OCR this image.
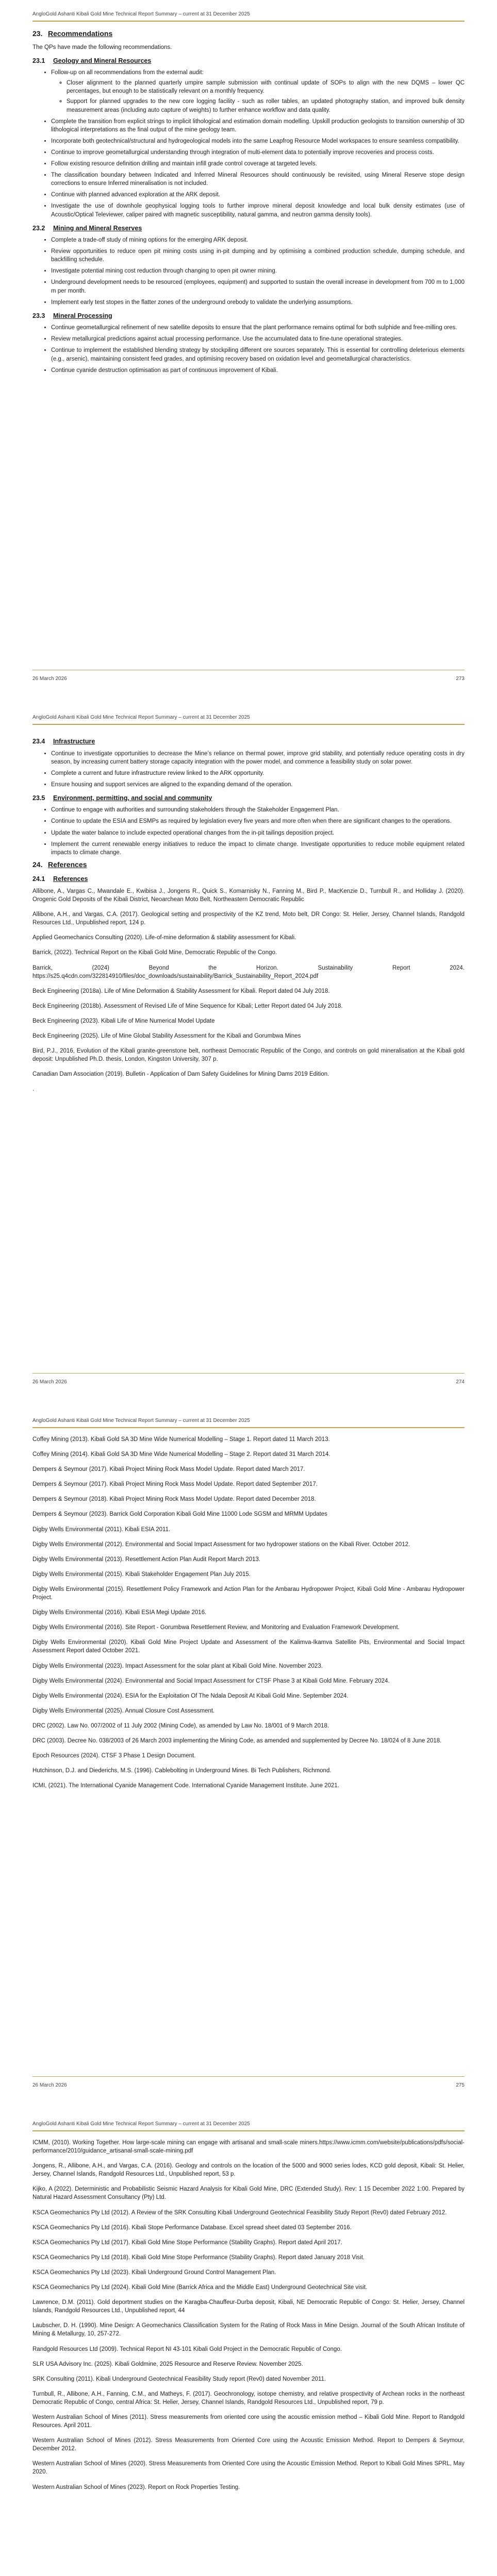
AngloGold Ashanti Kibali Gold Mine Technical Report Summary – current at 31 December 2025

23. Recommendations

The QPs have made the following recommendations.

23.1 Geology and Mineral Resources
• Follow-up on all recommendations from the external audit:
◦ Closer alignment to the planned quarterly umpire sample submission with continual update of SOPs to align with the new DQMS – lower QC percentages, but enough to be statistically relevant on a monthly frequency.
◦ Support for planned upgrades to the new core logging facility - such as roller tables, an updated photography station, and improved bulk density measurement areas (including auto capture of weights) to further enhance workflow and data quality.
• Complete the transition from explicit strings to implicit lithological and estimation domain modelling. Upskill production geologists to transition ownership of 3D lithological interpretations as the final output of the mine geology team.
• Incorporate both geotechnical/structural and hydrogeological models into the same Leapfrog Resource Model workspaces to ensure seamless compatibility.
• Continue to improve geometallurgical understanding through integration of multi-element data to potentially improve recoveries and process costs.
• Follow existing resource definition drilling and maintain infill grade control coverage at targeted levels.
• The classification boundary between Indicated and Inferred Mineral Resources should continuously be revisited, using Mineral Reserve stope design corrections to ensure Inferred mineralisation is not included.
• Continue with planned advanced exploration at the ARK deposit.
• Investigate the use of downhole geophysical logging tools to further improve mineral deposit knowledge and local bulk density estimates (use of Acoustic/Optical Televiewer, caliper paired with magnetic susceptibility, natural gamma, and neutron gamma density tools).
23.2 Mining and Mineral Reserves
• Complete a trade-off study of mining options for the emerging ARK deposit.
• Review opportunities to reduce open pit mining costs using in-pit dumping and by optimising a combined production schedule, dumping schedule, and backfilling schedule.
• Investigate potential mining cost reduction through changing to open pit owner mining.
• Underground development needs to be resourced (employees, equipment) and supported to sustain the overall increase in development from 700 m to 1,000 m per month.
• Implement early test stopes in the flatter zones of the underground orebody to validate the underlying assumptions.
23.3 Mineral Processing
• Continue geometallurgical refinement of new satellite deposits to ensure that the plant performance remains optimal for both sulphide and free-milling ores.
• Review metallurgical predictions against actual processing performance. Use the accumulated data to fine-tune operational strategies.
• Continue to implement the established blending strategy by stockpiling different ore sources separately. This is essential for controlling deleterious elements (e.g., arsenic), maintaining consistent feed grades, and optimising recovery based on oxidation level and geometallurgical characteristics.
• Continue cyanide destruction optimisation as part of continuous improvement of Kibali.
26 March 2026	273

AngloGold Ashanti Kibali Gold Mine Technical Report Summary – current at 31 December 2025

23.4 Infrastructure
• Continue to investigate opportunities to decrease the Mine’s reliance on thermal power, improve grid stability, and potentially reduce operating costs in dry season, by increasing current battery storage capacity integration with the power model, and commence a feasibility study on solar power.
• Complete a current and future infrastructure review linked to the ARK opportunity.
• Ensure housing and support services are aligned to the expanding demand of the operation.
23.5 Environment, permitting, and social and community
• Continue to engage with authorities and surrounding stakeholders through the Stakeholder Engagement Plan.
• Continue to update the ESIA and ESMPs as required by legislation every five years and more often when there are significant changes to the operations.
• Update the water balance to include expected operational changes from the in-pit tailings deposition project.
• Implement the current renewable energy initiatives to reduce the impact to climate change. Investigate opportunities to reduce mobile equipment related impacts to climate change.
24. References
24.1 References

Allibone, A., Vargas C., Mwandale E., Kwibisa J., Jongens R., Quick S., Komarnisky N., Fanning M., Bird P., MacKenzie D., Turnbull R., and Holliday J. (2020). Orogenic Gold Deposits of the Kibali District, Neoarchean Moto Belt, Northeastern Democratic Republic

Allibone, A.H., and Vargas, C.A. (2017). Geological setting and prospectivity of the KZ trend, Moto belt, DR Congo: St. Helier, Jersey, Channel Islands, Randgold Resources Ltd., Unpublished report, 124 p.

Applied Geomechanics Consulting (2020). Life-of-mine deformation & stability assessment for Kibali.

Barrick, (2022). Technical Report on the Kibali Gold Mine, Democratic Republic of the Congo.

Barrick, (2024) Beyond the Horizon. Sustainability Report 2024. https://s25.q4cdn.com/322814910/files/doc_downloads/sustainability/Barrick_Sustainability_Report_2024.pdf

Beck Engineering (2018a). Life of Mine Deformation & Stability Assessment for Kibali. Report dated 04 July 2018.

Beck Engineering (2018b). Assessment of Revised Life of Mine Sequence for Kibali; Letter Report dated 04 July 2018.

Beck Engineering (2023). Kibali Life of Mine Numerical Model Update

Beck Engineering (2025). Life of Mine Global Stability Assessment for the Kibali and Gorumbwa Mines

Bird, P.J., 2016, Evolution of the Kibali granite-greenstone belt, northeast Democratic Republic of the Congo, and controls on gold mineralisation at the Kibali gold deposit: Unpublished Ph.D. thesis, London, Kingston University, 307 p.

Canadian Dam Association (2019). Bulletin - Application of Dam Safety Guidelines for Mining Dams 2019 Edition.

.

26 March 2026	274

AngloGold Ashanti Kibali Gold Mine Technical Report Summary – current at 31 December 2025

Coffey Mining (2013). Kibali Gold SA 3D Mine Wide Numerical Modelling – Stage 1. Report dated 11 March 2013.

Coffey Mining (2014). Kibali Gold SA 3D Mine Wide Numerical Modelling – Stage 2. Report dated 31 March 2014.

Dempers & Seymour (2017). Kibali Project Mining Rock Mass Model Update. Report dated March 2017.

Dempers & Seymour (2017). Kibali Project Mining Rock Mass Model Update. Report dated September 2017.

Dempers & Seymour (2018). Kibali Project Mining Rock Mass Model Update. Report dated December 2018.

Dempers & Seymour (2023). Barrick Gold Corporation Kibali Gold Mine 11000 Lode SGSM and MRMM Updates

Digby Wells Environmental (2011). Kibali ESIA 2011.

Digby Wells Environmental (2012). Environmental and Social Impact Assessment for two hydropower stations on the Kibali River. October 2012.

Digby Wells Environmental (2013). Resettlement Action Plan Audit Report March 2013.

Digby Wells Environmental (2015). Kibali Stakeholder Engagement Plan July 2015.

Digby Wells Environmental (2015). Resettlement Policy Framework and Action Plan for the Ambarau Hydropower Project, Kibali Gold Mine - Ambarau Hydropower Project.

Digby Wells Environmental (2016). Kibali ESIA Megi Update 2016.

Digby Wells Environmental (2016). Site Report - Gorumbwa Resettlement Review, and Monitoring and Evaluation Framework Development.

Digby Wells Environmental (2020). Kibali Gold Mine Project Update and Assessment of the Kalimva-Ikamva Satellite Pits, Environmental and Social Impact Assessment Report dated October 2021.

Digby Wells Environmental (2023). Impact Assessment for the solar plant at Kibali Gold Mine. November 2023.

Digby Wells Environmental (2024). Environmental and Social Impact Assessment for CTSF Phase 3 at Kibali Gold Mine. February 2024.

Digby Wells Environmental (2024). ESIA for the Exploitation Of The Ndala Deposit At Kibali Gold Mine. September 2024.

Digby Wells Environmental (2025). Annual Closure Cost Assessment.

DRC (2002). Law No. 007/2002 of 11 July 2002 (Mining Code), as amended by Law No. 18/001 of 9 March 2018.

DRC (2003). Decree No. 038/2003 of 26 March 2003 implementing the Mining Code, as amended and supplemented by Decree No. 18/024 of 8 June 2018.

Epoch Resources (2024). CTSF 3 Phase 1 Design Document.

Hutchinson, D.J. and Diederichs, M.S. (1996). Cablebolting in Underground Mines. Bi Tech Publishers, Richmond.

ICMI, (2021). The International Cyanide Management Code. International Cyanide Management Institute. June 2021.

26 March 2026	275

AngloGold Ashanti Kibali Gold Mine Technical Report Summary – current at 31 December 2025

ICMM, (2010). Working Together. How large-scale mining can engage with artisanal and small-scale miners.https://www.icmm.com/website/publications/pdfs/social-performance/2010/guidance_artisanal-small-scale-mining.pdf

Jongens, R., Allibone, A.H., and Vargas, C.A. (2016). Geology and controls on the location of the 5000 and 9000 series lodes, KCD gold deposit, Kibali: St. Helier, Jersey, Channel Islands, Randgold Resources Ltd., Unpublished report, 53 p.

Kijko, A (2022). Deterministic and Probabilistic Seismic Hazard Analysis for Kibali Gold Mine, DRC (Extended Study). Rev: 1 15 December 2022 1:00. Prepared by Natural Hazard Assessment Consultancy (Pty) Ltd.

KSCA Geomechanics Pty Ltd (2012). A Review of the SRK Consulting Kibali Underground Geotechnical Feasibility Study Report (Rev0) dated February 2012.

KSCA Geomechanics Pty Ltd (2016). Kibali Stope Performance Database. Excel spread sheet dated 03 September 2016.

KSCA Geomechanics Pty Ltd (2017). Kibali Gold Mine Stope Performance (Stability Graphs). Report dated April 2017.

KSCA Geomechanics Pty Ltd (2018). Kibali Gold Mine Stope Performance (Stability Graphs). Report dated January 2018 Visit.

KSCA Geomechanics Pty Ltd (2023). Kibali Underground Ground Control Management Plan.

KSCA Geomechanics Pty Ltd (2024). Kibali Gold Mine (Barrick Africa and the Middle East) Underground Geotechnical Site visit.

Lawrence, D.M. (2011). Gold deportment studies on the Karagba-Chauffeur-Durba deposit, Kibali, NE Democratic Republic of Congo: St. Helier, Jersey, Channel Islands, Randgold Resources Ltd., Unpublished report, 44

Laubscher, D. H. (1990). Mine Design: A Geomechanics Classification System for the Rating of Rock Mass in Mine Design. Journal of the South African Institute of Mining & Metallurgy, 10, 257-272.

Randgold Resources Ltd (2009). Technical Report NI 43-101 Kibali Gold Project in the Democratic Republic of Congo.

SLR USA Advisory Inc. (2025). Kibali Goldmine, 2025 Resource and Reserve Review. November 2025.

SRK Consulting (2011). Kibali Underground Geotechnical Feasibility Study report (Rev0) dated November 2011.

Turnbull, R., Allibone, A.H., Fanning, C.M., and Matheys, F. (2017). Geochronology, isotope chemistry, and relative prospectivity of Archean rocks in the northeast Democratic Republic of Congo, central Africa: St. Helier, Jersey, Channel Islands, Randgold Resources Ltd., Unpublished report, 79 p.

Western Australian School of Mines (2011). Stress measurements from oriented core using the acoustic emission method – Kibali Gold Mine. Report to Randgold Resources. April 2011.

Western Australian School of Mines (2012). Stress Measurements from Oriented Core using the Acoustic Emission Method. Report to Dempers & Seymour, December 2012.

Western Australian School of Mines (2020). Stress Measurements from Oriented Core using the Acoustic Emission Method. Report to Kibali Gold Mines SPRL, May 2020.

Western Australian School of Mines (2023). Report on Rock Properties Testing.
